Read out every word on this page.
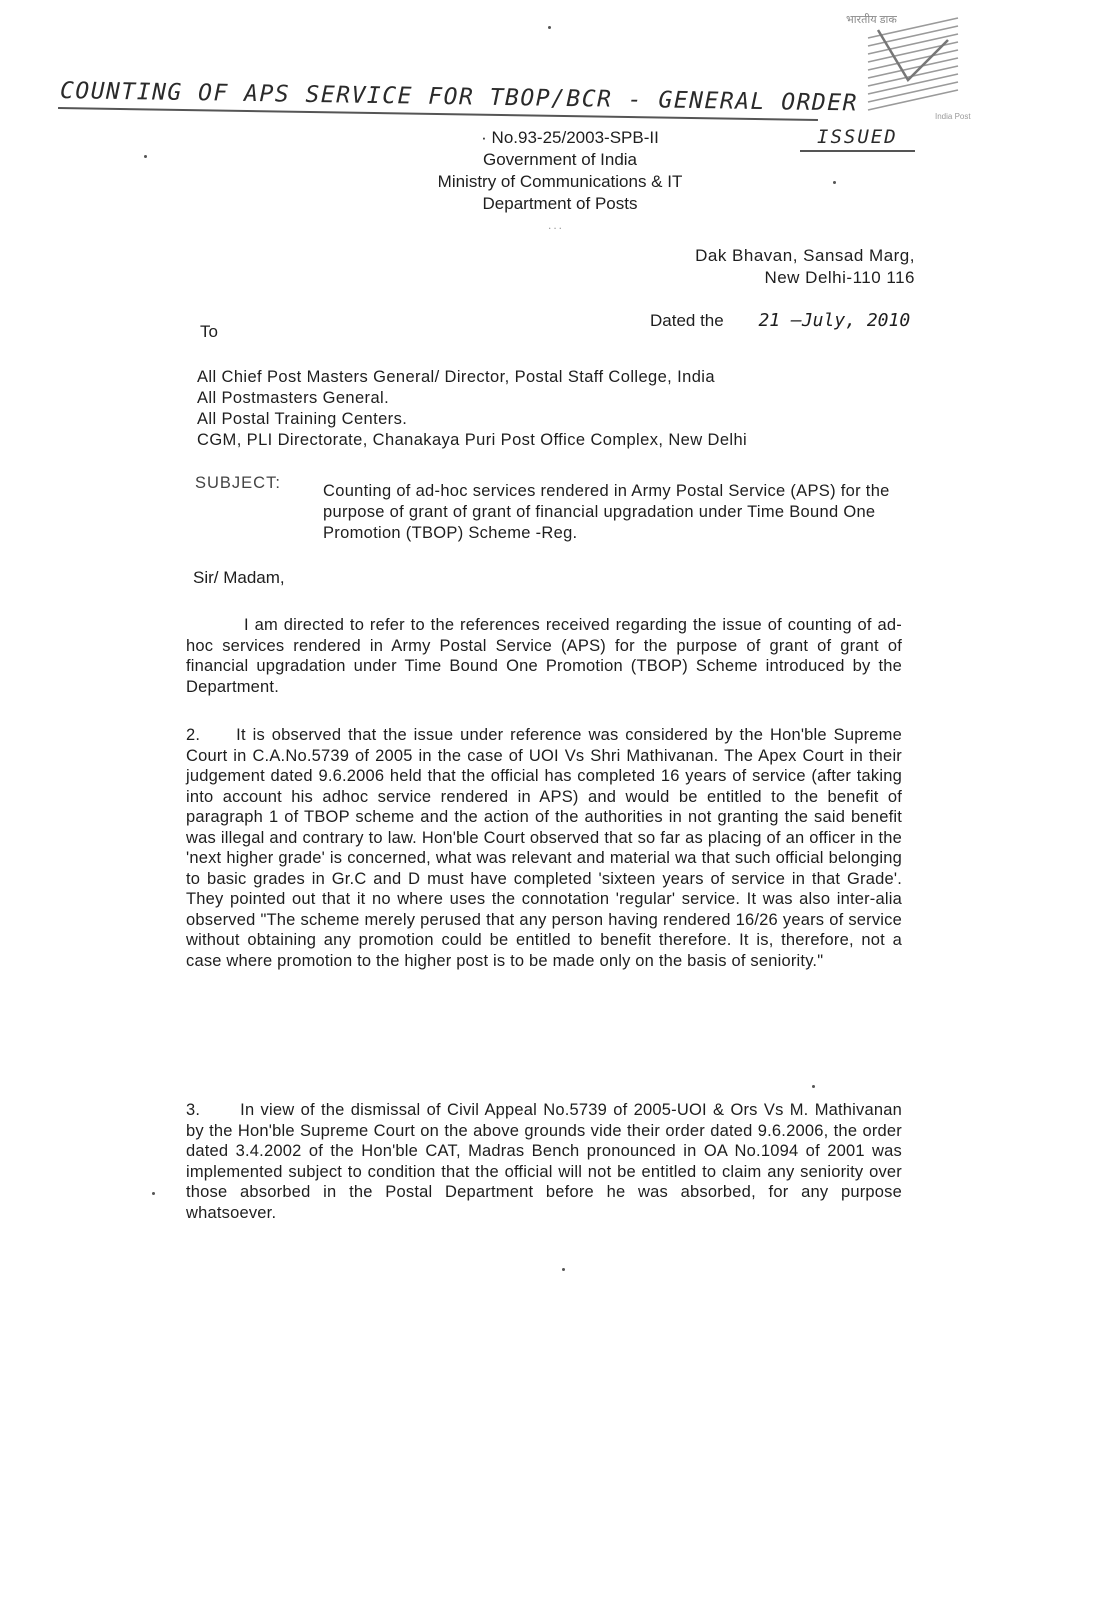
भारतीय डाक
India Post
COUNTING OF APS SERVICE FOR TBOP/BCR - GENERAL ORDER
ISSUED
· No.93-25/2003-SPB-II
Government of India
Ministry of Communications & IT
Department of Posts
...
Dak Bhavan, Sansad Marg,
New Delhi-110 116
Dated the 21 –July, 2010
To
All Chief Post Masters General/ Director, Postal Staff College, India
All Postmasters General.
All Postal Training Centers.
CGM, PLI Directorate, Chanakaya Puri Post Office Complex, New Delhi
SUBJECT:	Counting of ad-hoc services rendered in Army Postal Service (APS) for the purpose of grant of grant of financial upgradation under Time Bound One Promotion (TBOP) Scheme -Reg.
Sir/ Madam,
I am directed to refer to the references received regarding the issue of counting of ad-hoc services rendered in Army Postal Service (APS) for the purpose of grant of grant of financial upgradation under Time Bound One Promotion (TBOP) Scheme introduced by the Department.
2. It is observed that the issue under reference was considered by the Hon'ble Supreme Court in C.A.No.5739 of 2005 in the case of UOI Vs Shri Mathivanan. The Apex Court in their judgement dated 9.6.2006 held that the official has completed 16 years of service (after taking into account his adhoc service rendered in APS) and would be entitled to the benefit of paragraph 1 of TBOP scheme and the action of the authorities in not granting the said benefit was illegal and contrary to law. Hon'ble Court observed that so far as placing of an officer in the 'next higher grade' is concerned, what was relevant and material wa that such official belonging to basic grades in Gr.C and D must have completed 'sixteen years of service in that Grade'. They pointed out that it no where uses the connotation 'regular' service. It was also inter-alia observed "The scheme merely perused that any person having rendered 16/26 years of service without obtaining any promotion could be entitled to benefit therefore. It is, therefore, not a case where promotion to the higher post is to be made only on the basis of seniority."
3. In view of the dismissal of Civil Appeal No.5739 of 2005-UOI & Ors Vs M. Mathivanan by the Hon'ble Supreme Court on the above grounds vide their order dated 9.6.2006, the order dated 3.4.2002 of the Hon'ble CAT, Madras Bench pronounced in OA No.1094 of 2001 was implemented subject to condition that the official will not be entitled to claim any seniority over those absorbed in the Postal Department before he was absorbed, for any purpose whatsoever.
